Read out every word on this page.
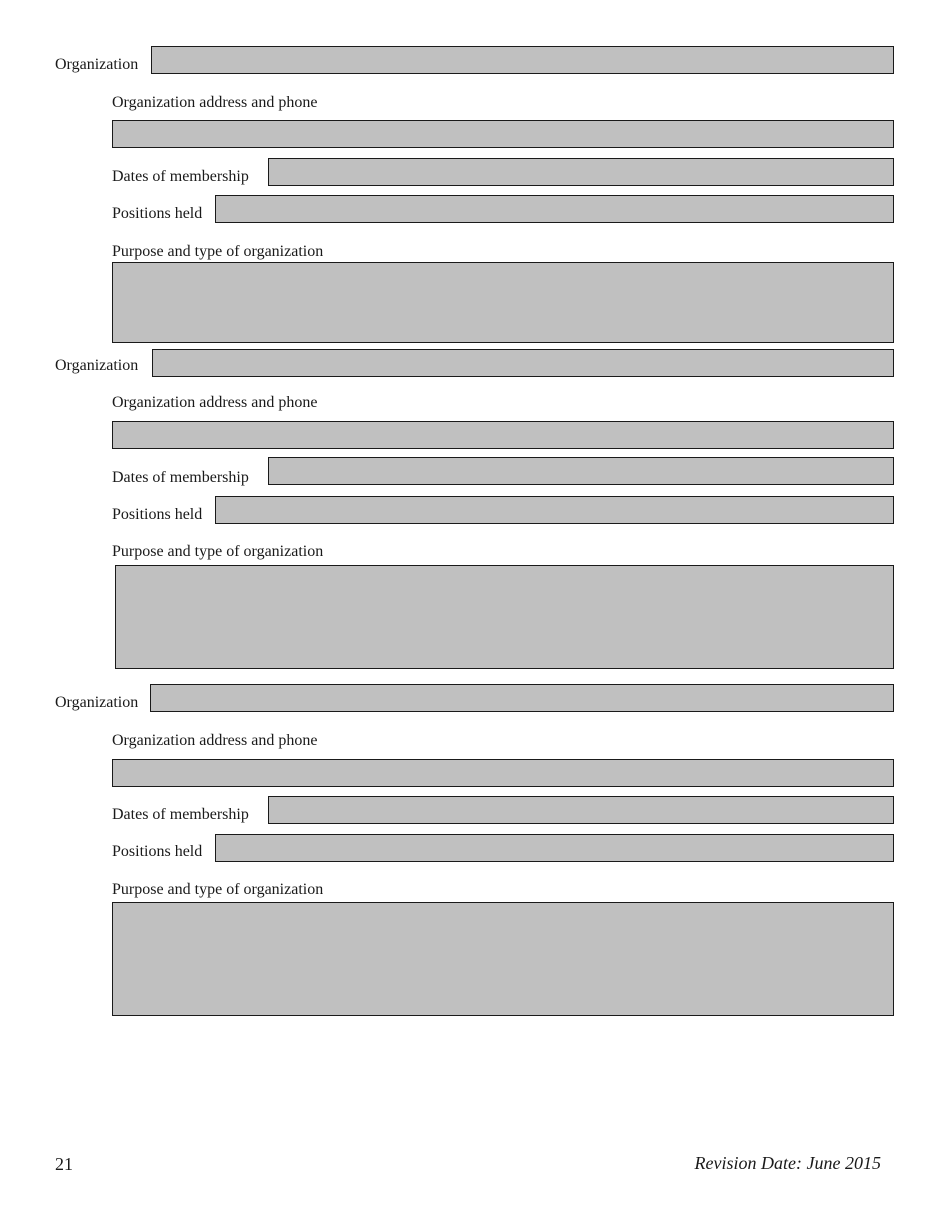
Organization
Organization address and phone
Dates of membership
Positions held
Purpose and type of organization
Organization
Organization address and phone
Dates of membership
Positions held
Purpose and type of organization
Organization
Organization address and phone
Dates of membership
Positions held
Purpose and type of organization
21	Revision Date: June 2015
